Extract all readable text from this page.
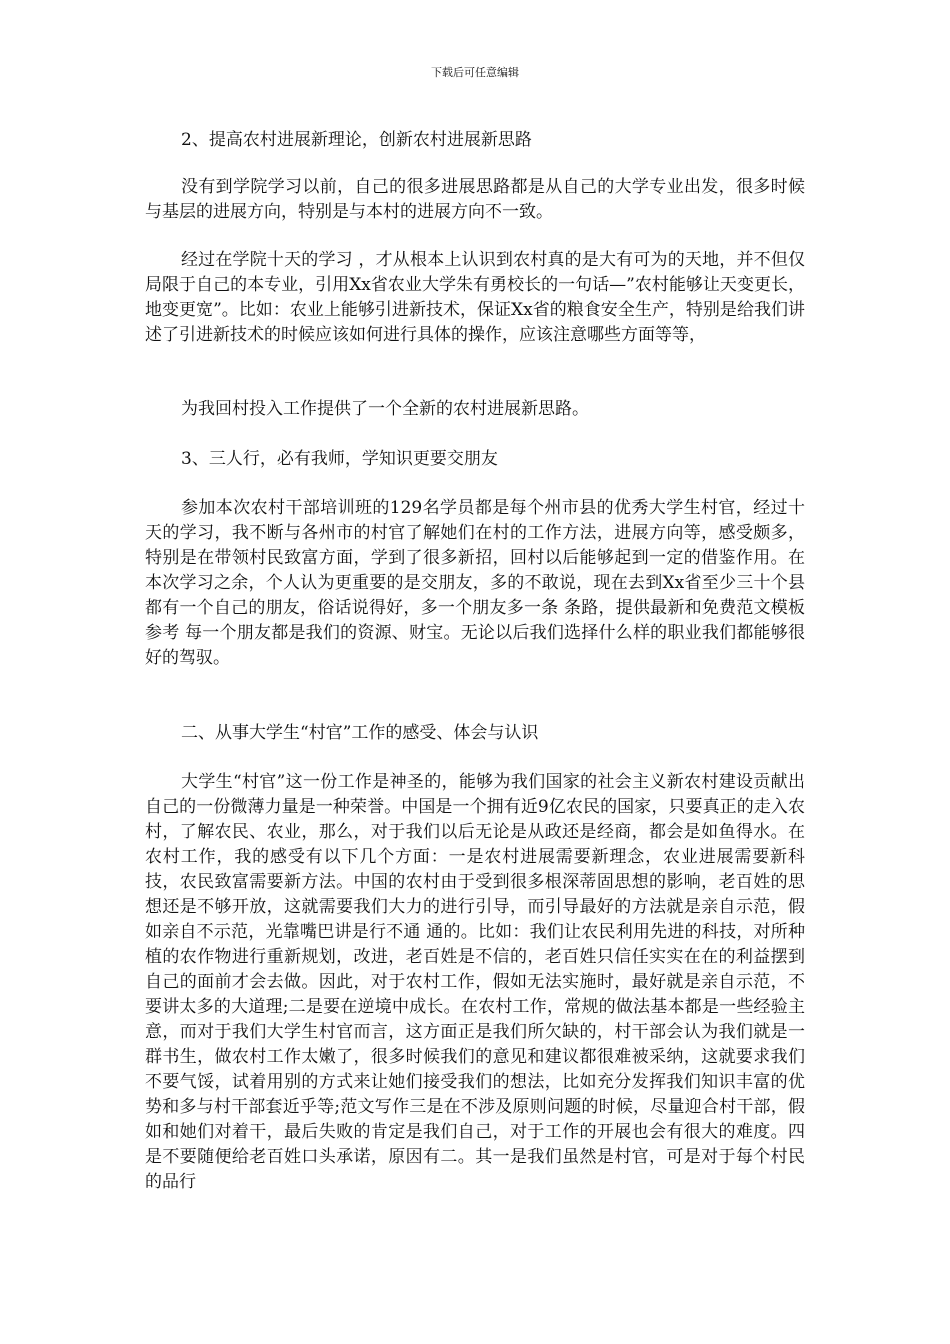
下载后可任意编辑

2、提高农村进展新理论，创新农村进展新思路

没有到学院学习以前，自己的很多进展思路都是从自己的大学专业出发，很多时候与基层的进展方向，特别是与本村的进展方向不一致。

经过在学院十天的学习 ，才从根本上认识到农村真的是大有可为的天地，并不但仅局限于自己的本专业，引用Xx省农业大学朱有勇校长的一句话—”农村能够让天变更长，地变更宽”。比如：农业上能够引进新技术，保证Xx省的粮食安全生产，特别是给我们讲述了引进新技术的时候应该如何进行具体的操作，应该注意哪些方面等等，

为我回村投入工作提供了一个全新的农村进展新思路。

3、三人行，必有我师，学知识更要交朋友

参加本次农村干部培训班的129名学员都是每个州市县的优秀大学生村官，经过十天的学习，我不断与各州市的村官了解她们在村的工作方法，进展方向等，感受颇多，特别是在带领村民致富方面，学到了很多新招，回村以后能够起到一定的借鉴作用。在本次学习之余，个人认为更重要的是交朋友，多的不敢说，现在去到Xx省至少三十个县都有一个自己的朋友，俗话说得好，多一个朋友多一条 条路，提供最新和免费范文模板参考 每一个朋友都是我们的资源、财宝。无论以后我们选择什么样的职业我们都能够很好的驾驭。

二、从事大学生“村官”工作的感受、体会与认识

大学生“村官”这一份工作是神圣的，能够为我们国家的社会主义新农村建设贡献出自己的一份微薄力量是一种荣誉。中国是一个拥有近9亿农民的国家，只要真正的走入农村，了解农民、农业，那么，对于我们以后无论是从政还是经商，都会是如鱼得水。在农村工作，我的感受有以下几个方面：一是农村进展需要新理念，农业进展需要新科技，农民致富需要新方法。中国的农村由于受到很多根深蒂固思想的影响，老百姓的思想还是不够开放，这就需要我们大力的进行引导，而引导最好的方法就是亲自示范，假如亲自不示范，光靠嘴巴讲是行不通 通的。比如：我们让农民利用先进的科技，对所种植的农作物进行重新规划，改进，老百姓是不信的，老百姓只信任实实在在的利益摆到自己的面前才会去做。因此，对于农村工作，假如无法实施时，最好就是亲自示范，不要讲太多的大道理;二是要在逆境中成长。在农村工作，常规的做法基本都是一些经验主意，而对于我们大学生村官而言，这方面正是我们所欠缺的，村干部会认为我们就是一群书生，做农村工作太嫩了，很多时候我们的意见和建议都很难被采纳，这就要求我们不要气馁，试着用别的方式来让她们接受我们的想法，比如充分发挥我们知识丰富的优势和多与村干部套近乎等;范文写作三是在不涉及原则问题的时候，尽量迎合村干部，假如和她们对着干，最后失败的肯定是我们自己，对于工作的开展也会有很大的难度。四是不要随便给老百姓口头承诺，原因有二。其一是我们虽然是村官，可是对于每个村民的品行
